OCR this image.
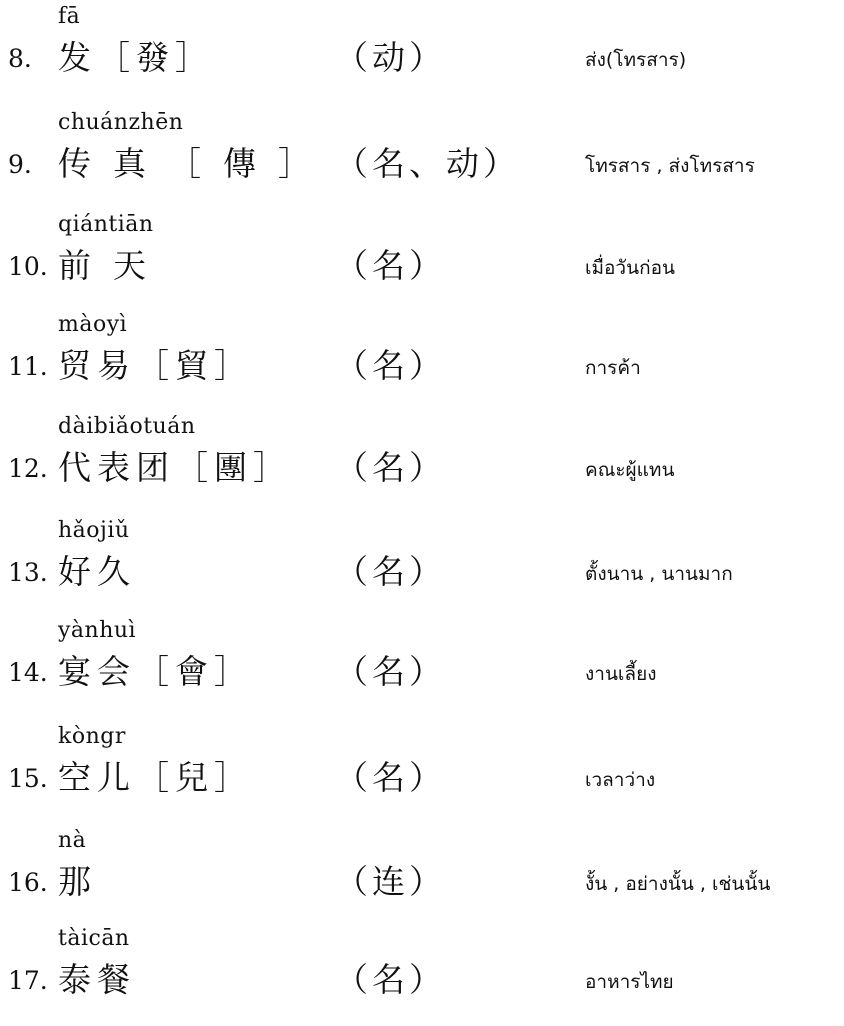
fā
8. 发［發］	（动）	ส่ง(โทรสาร)
chuánzhēn
9. 传真［傳］ （名、动）	โทรสาร , ส่งโทรสาร
qiántiān
10. 前天	（名）	เมื่อวันก่อน
màoyì
11. 贸易［貿］ （名）	การค้า
dàibiǎotuán
12. 代表团［團］ （名）	คณะผู้แทน
hǎojiǔ
13. 好久	（名）	ตั้งนาน , นานมาก
yànhuì
14. 宴会［會］ （名）	งานเลี้ยง
kòngr
15. 空儿［兒］ （名）	เวลาว่าง
nà
16. 那	（连）	งั้น , อย่างนั้น , เช่นนั้น
tàicān
17. 泰餐	（名）	อาหารไทย
